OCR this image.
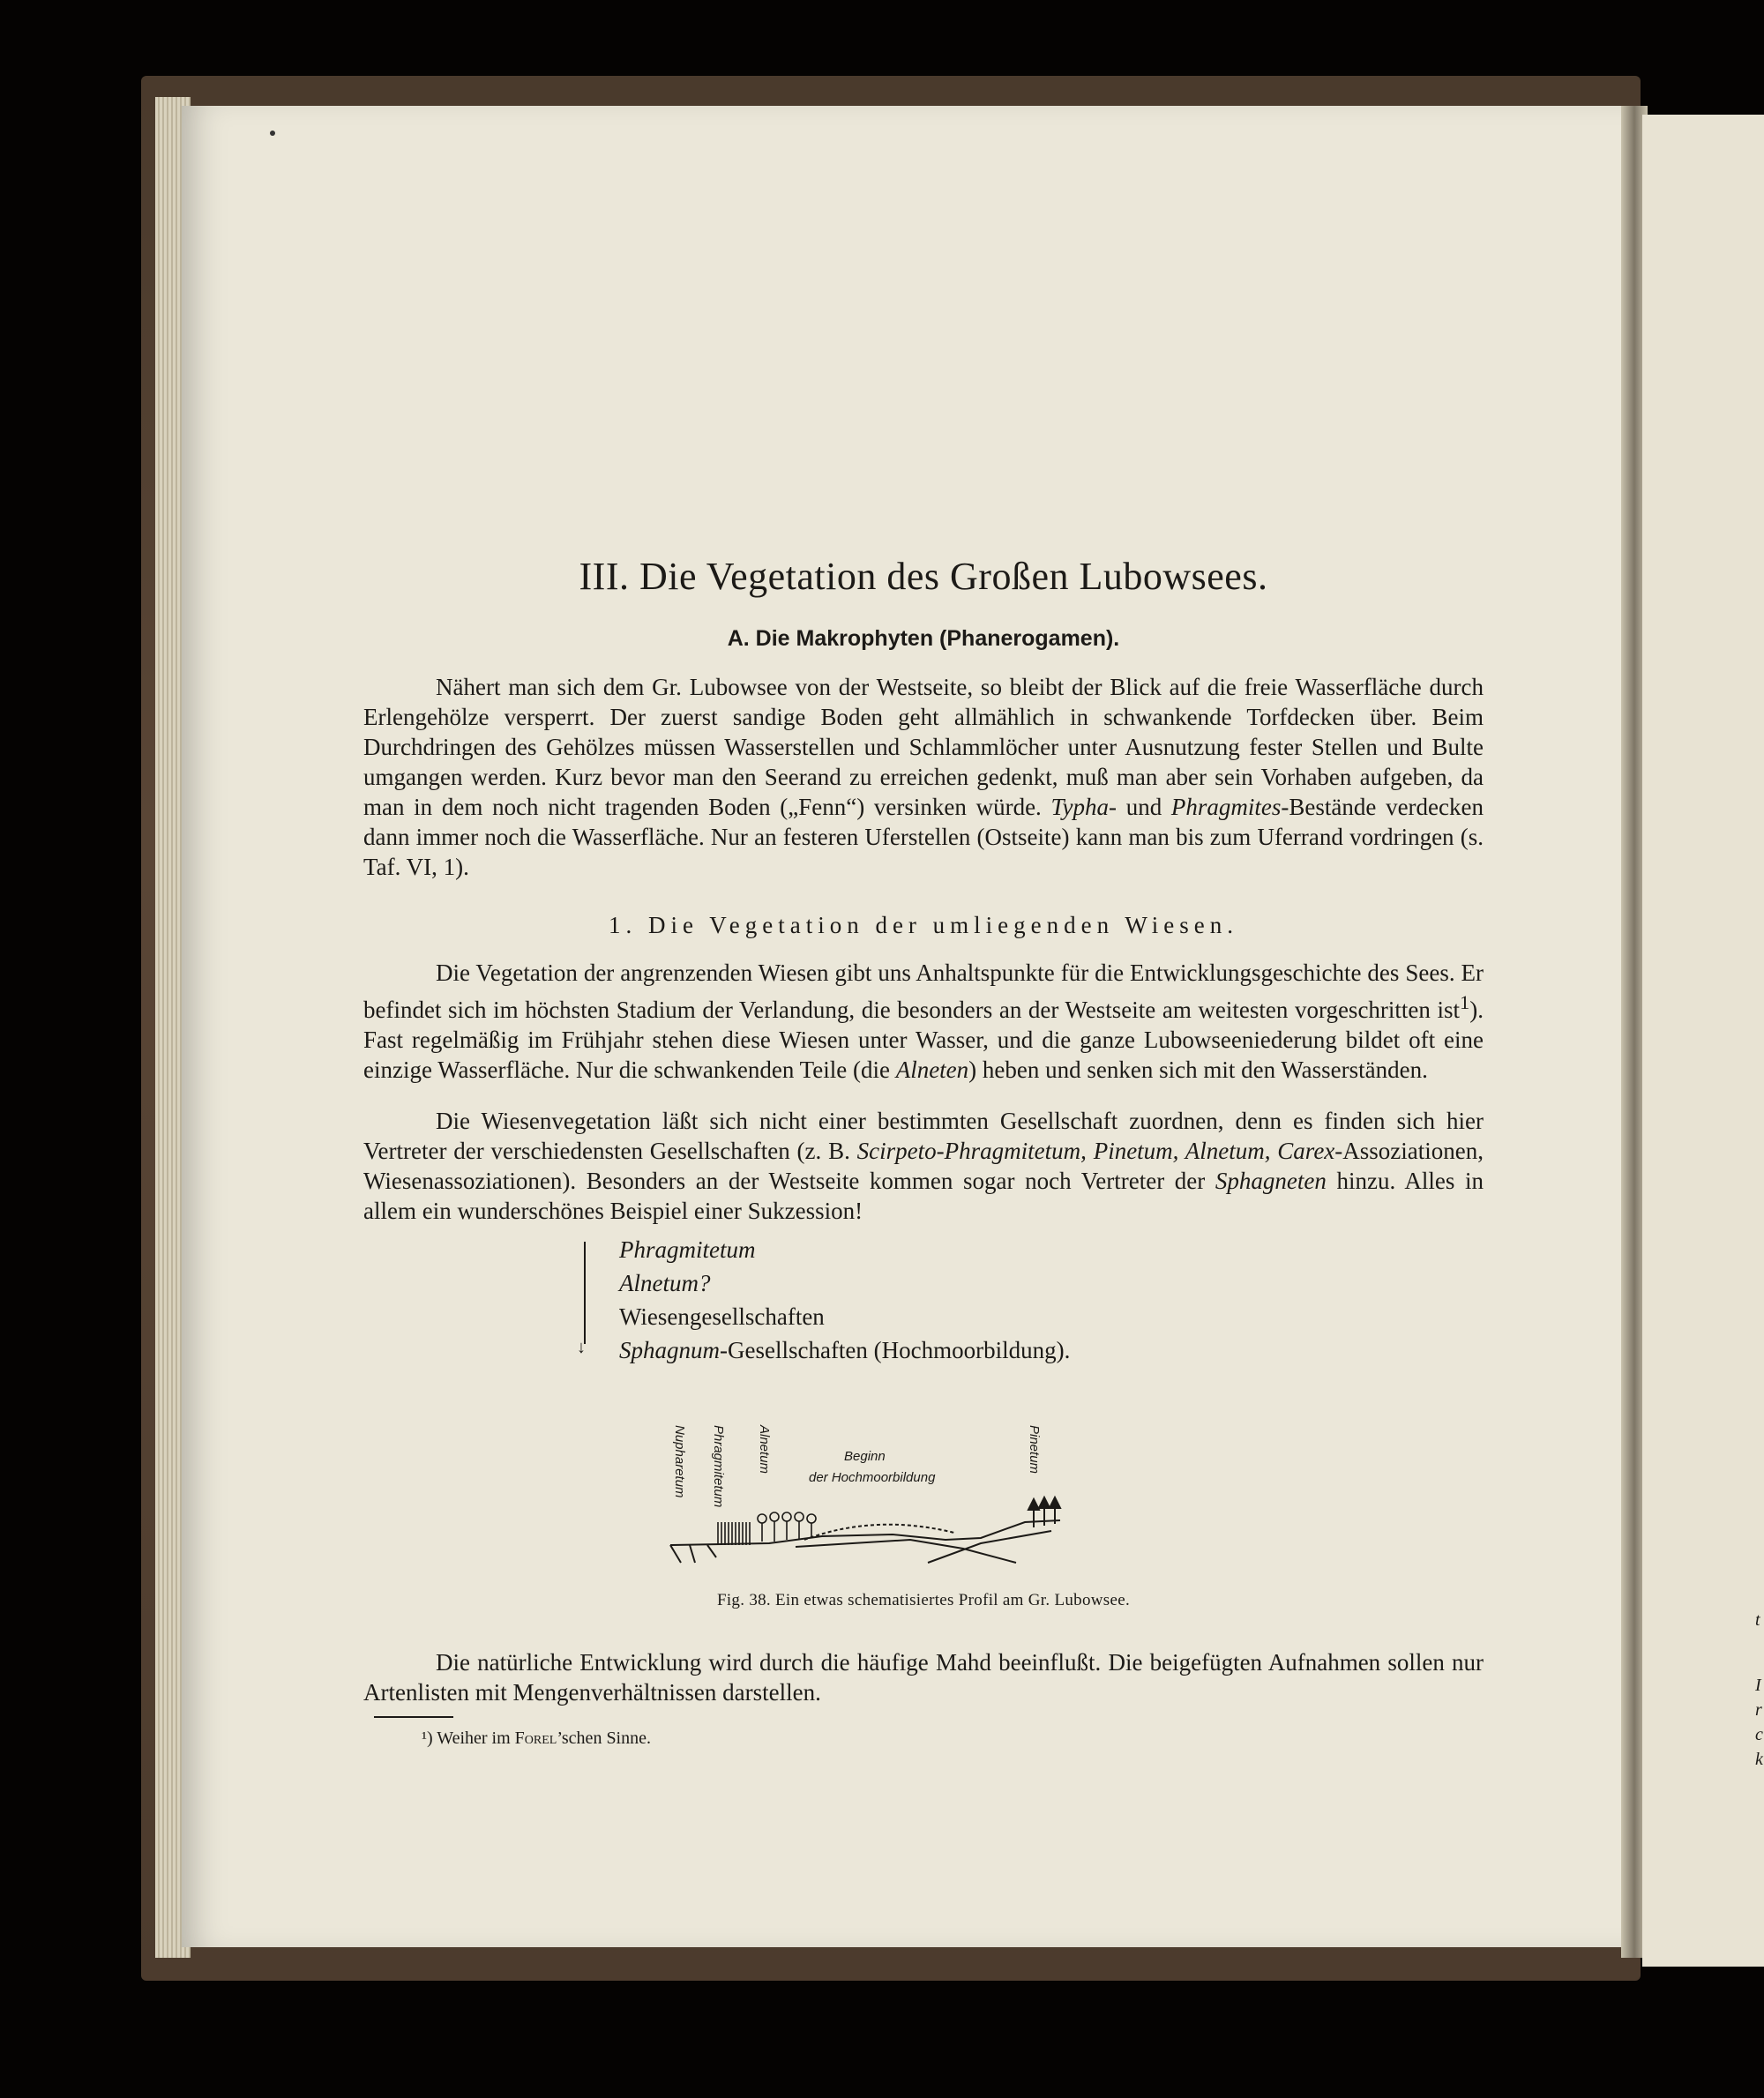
III. Die Vegetation des Großen Lubowsees.
A. Die Makrophyten (Phanerogamen).
Nähert man sich dem Gr. Lubowsee von der Westseite, so bleibt der Blick auf die freie Wasserfläche durch Erlengehölze versperrt. Der zuerst sandige Boden geht allmählich in schwankende Torfdecken über. Beim Durchdringen des Gehölzes müssen Wasserstellen und Schlammlöcher unter Ausnutzung fester Stellen und Bulte umgangen werden. Kurz bevor man den Seerand zu erreichen gedenkt, muß man aber sein Vorhaben aufgeben, da man in dem noch nicht tragenden Boden („Fenn“) versinken würde. Typha- und Phragmites-Bestände verdecken dann immer noch die Wasserfläche. Nur an festeren Uferstellen (Ostseite) kann man bis zum Uferrand vordringen (s. Taf. VI, 1).
1. Die Vegetation der umliegenden Wiesen.
Die Vegetation der angrenzenden Wiesen gibt uns Anhaltspunkte für die Entwicklungsgeschichte des Sees. Er befindet sich im höchsten Stadium der Verlandung, die besonders an der Westseite am weitesten vorgeschritten ist$^1$). Fast regelmäßig im Frühjahr stehen diese Wiesen unter Wasser, und die ganze Lubowseeniederung bildet oft eine einzige Wasserfläche. Nur die schwankenden Teile (die Alneten) heben und senken sich mit den Wasserständen.
Die Wiesenvegetation läßt sich nicht einer bestimmten Gesellschaft zuordnen, denn es finden sich hier Vertreter der verschiedensten Gesellschaften (z. B. Scirpeto-Phragmitetum, Pinetum, Alnetum, Carex-Assoziationen, Wiesenassoziationen). Besonders an der Westseite kommen sogar noch Vertreter der Sphagneten hinzu. Alles in allem ein wunderschönes Beispiel einer Sukzession!
↓
Phragmitetum
Alnetum?
Wiesengesellschaften
Sphagnum-Gesellschaften (Hochmoorbildung).
Nupharetum Phragmitetum Alnetum	Beginn
der Hochmoorbildung
Pinetum
Fig. 38. Ein etwas schematisiertes Profil am Gr. Lubowsee.
Die natürliche Entwicklung wird durch die häufige Mahd beeinflußt. Die beigefügten Aufnahmen sollen nur Artenlisten mit Mengenverhältnissen darstellen.
¹) Weiher im Forel’schen Sinne.
t
I
r
c
k
